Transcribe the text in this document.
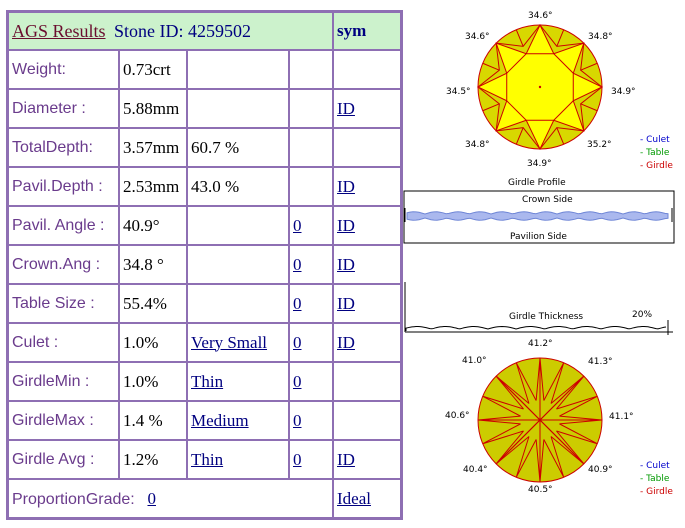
AGS Results Stone ID: 4259502				sym
Weight:	0.73crt			
Diameter :	5.88mm			ID
TotalDepth:	3.57mm	60.7 %		
Pavil.Depth :	2.53mm	43.0 %		ID
Pavil. Angle :	40.9°		0	ID
Crown.Ang :	34.8 °		0	ID
Table Size :	55.4%		0	ID
Culet :	1.0%	Very Small	0	ID
GirdleMin :	1.0%	Thin	0	
GirdleMax :	1.4 %	Medium	0	
Girdle Avg :	1.2%	Thin	0	ID
ProportionGrade: 0				Ideal
34.6°
34.6°	34.8°
34.5°	34.9°
34.8°	35.2°
34.9°
- Culet
- Table
- Girdle
Girdle Profile
Crown Side
Pavilion Side
Girdle Thickness	20%
41.2°
41.0°	41.3°
40.6°	41.1°
40.4°	40.9°
40.5°
- Culet
- Table
- Girdle
